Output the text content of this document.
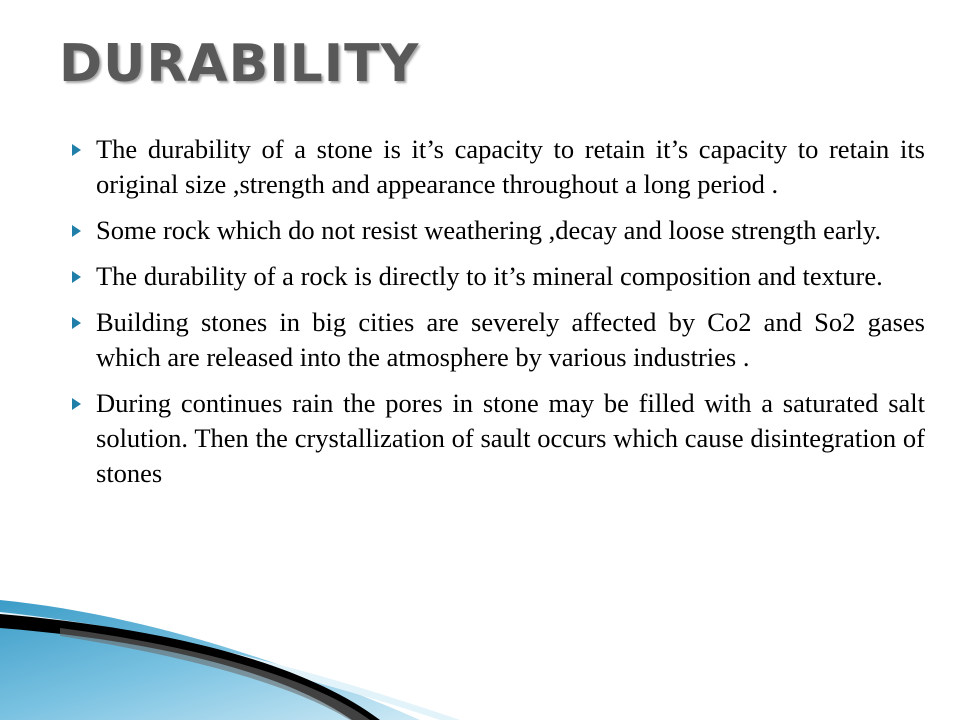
DURABILITY
The durability of a stone is it’s capacity to retain it’s capacity to retain its original size ,strength and appearance throughout a long period .
Some rock which do not resist weathering ,decay and loose strength early.
The durability of a rock is directly to it’s mineral composition and texture.
Building stones in big cities are severely affected by Co2 and So2 gases which are released into the atmosphere by various industries .
During continues rain the pores in stone may be filled with a saturated salt solution. Then the crystallization of sault occurs which cause disintegration of stones
